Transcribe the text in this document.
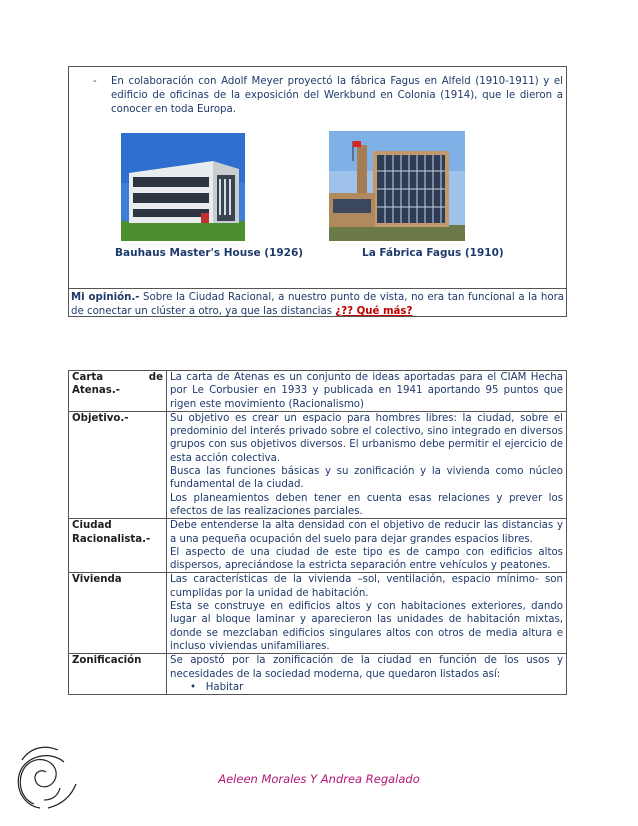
- En colaboración con Adolf Meyer proyectó la fábrica Fagus en Alfeld (1910-1911) y el edificio de oficinas de la exposición del Werkbund en Colonia (1914), que le dieron a conocer en toda Europa.
Bauhaus Master's House (1926)	La Fábrica Fagus (1910)
Mi opinión.- Sobre la Ciudad Racional, a nuestro punto de vista, no era tan funcional a la hora de conectar un clúster a otro, ya que las distancias ¿?? Qué más?
Carta de
Atenas.-	La carta de Atenas es un conjunto de ideas aportadas para el CIAM Hecha por Le Corbusier en 1933 y publicada en 1941 aportando 95 puntos que rigen este movimiento (Racionalismo)
Objetivo.-	Su objetivo es crear un espacio para hombres libres: la ciudad, sobre el predominio del interés privado sobre el colectivo, sino integrado en diversos grupos con sus objetivos diversos. El urbanismo debe permitir el ejercicio de esta acción colectiva.
Busca las funciones básicas y su zonificación y la vivienda como núcleo fundamental de la ciudad.
Los planeamientos deben tener en cuenta esas relaciones y prever los efectos de las realizaciones parciales.

Ciudad Racionalista.-	Debe entenderse la alta densidad con el objetivo de reducir las distancias y a una pequeña ocupación del suelo para dejar grandes espacios libres.
El aspecto de una ciudad de este tipo es de campo con edificios altos dispersos, apreciándose la estricta separación entre vehículos y peatones.

Vivienda	Las características de la vivienda –sol, ventilación, espacio mínimo- son cumplidas por la unidad de habitación.
Esta se construye en edificios altos y con habitaciones exteriores, dando lugar al bloque laminar y aparecieron las unidades de habitación mixtas, donde se mezclaban edificios singulares altos con otros de media altura e incluso viviendas unifamiliares.

Zonificación	Se apostó por la zonificación de la ciudad en función de los usos y necesidades de la sociedad moderna, que quedaron listados así:
• Habitar
Aeleen Morales Y Andrea Regalado
